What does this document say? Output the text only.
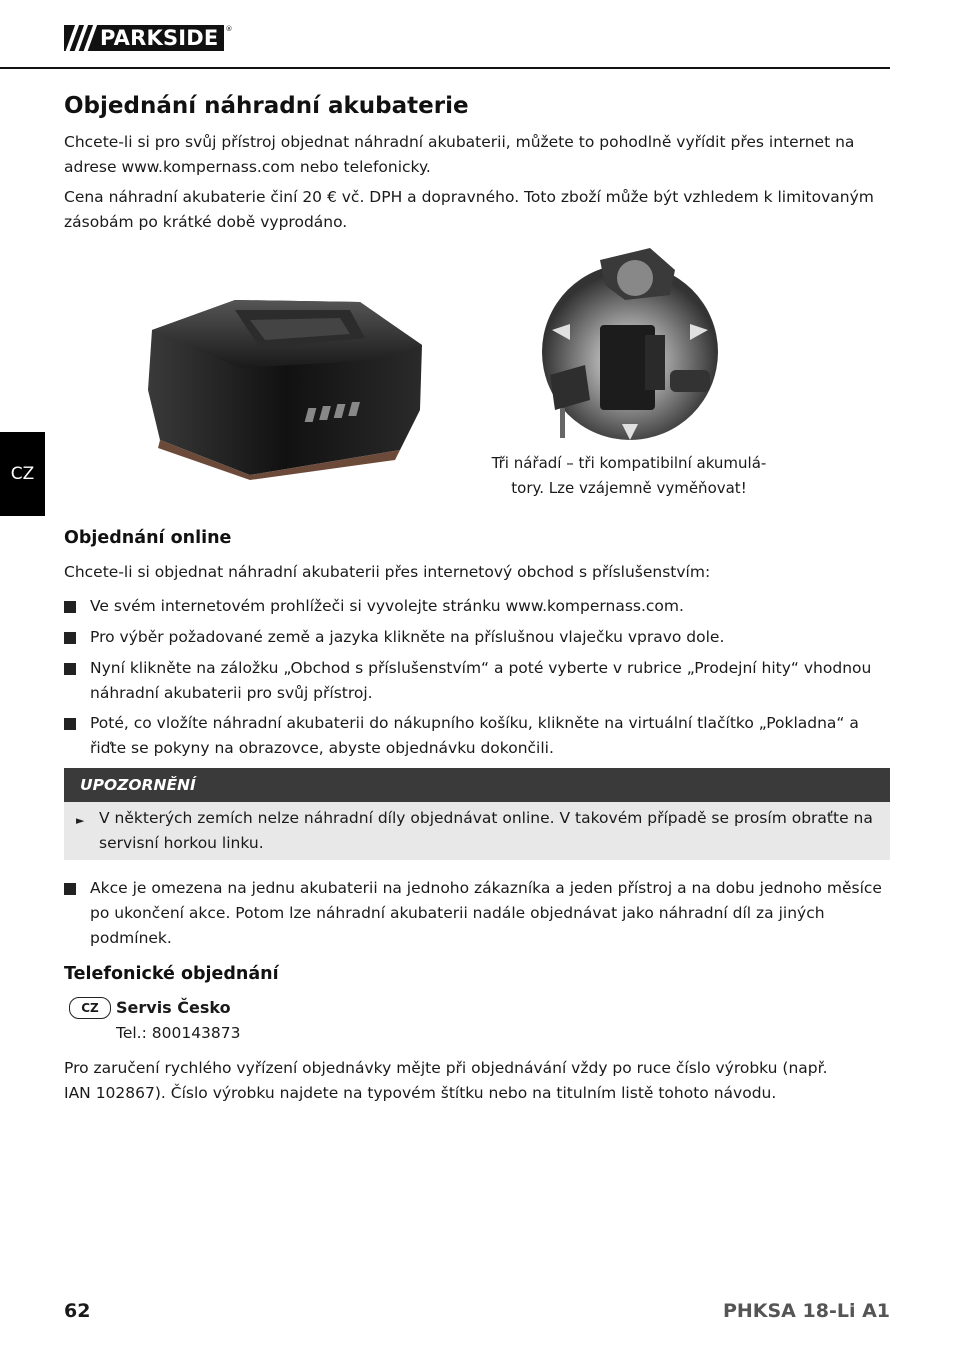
PARKSIDE	®
CZ
Objednání náhradní akubaterie

Chcete-li si pro svůj přístroj objednat náhradní akubaterii, můžete to pohodlně vyřídit přes internet na adrese www.kompernass.com nebo telefonicky.

Cena náhradní akubaterie činí 20 € vč. DPH a dopravného. Toto zboží může být vzhledem k limitovaným zásobám po krátké době vyprodáno.

Tři nářadí – tři kompatibilní akumulá-
tory. Lze vzájemně vyměňovat!
Objednání online

Chcete-li si objednat náhradní akubaterii přes internetový obchod s příslušenstvím:

Ve svém internetovém prohlížeči si vyvolejte stránku www.kompernass.com.
Pro výběr požadované země a jazyka klikněte na příslušnou vlaječku vpravo dole.
Nyní klikněte na záložku „Obchod s příslušenstvím“ a poté vyberte v rubrice „Prodejní hity“ vhodnou náhradní akubaterii pro svůj přístroj.
Poté, co vložíte náhradní akubaterii do nákupního košíku, klikněte na virtuální tlačítko „Pokladna“ a řiďte se pokyny na obrazovce, abyste objednávku dokončili.
UPOZORNĚNÍ
► V některých zemích nelze náhradní díly objednávat online. V takovém případě se prosím obraťte na servisní horkou linku.
Akce je omezena na jednu akubaterii na jednoho zákazníka a jeden přístroj a na dobu jednoho měsíce po ukončení akce. Potom lze náhradní akubaterii nadále objednávat jako náhradní díl za jiných podmínek.
Telefonické objednání
CZ	Servis Česko
Tel.: 800143873

Pro zaručení rychlého vyřízení objednávky mějte při objednávání vždy po ruce číslo výrobku (např. IAN 102867). Číslo výrobku najdete na typovém štítku nebo na titulním listě tohoto návodu.

62	PHKSA 18-Li A1
